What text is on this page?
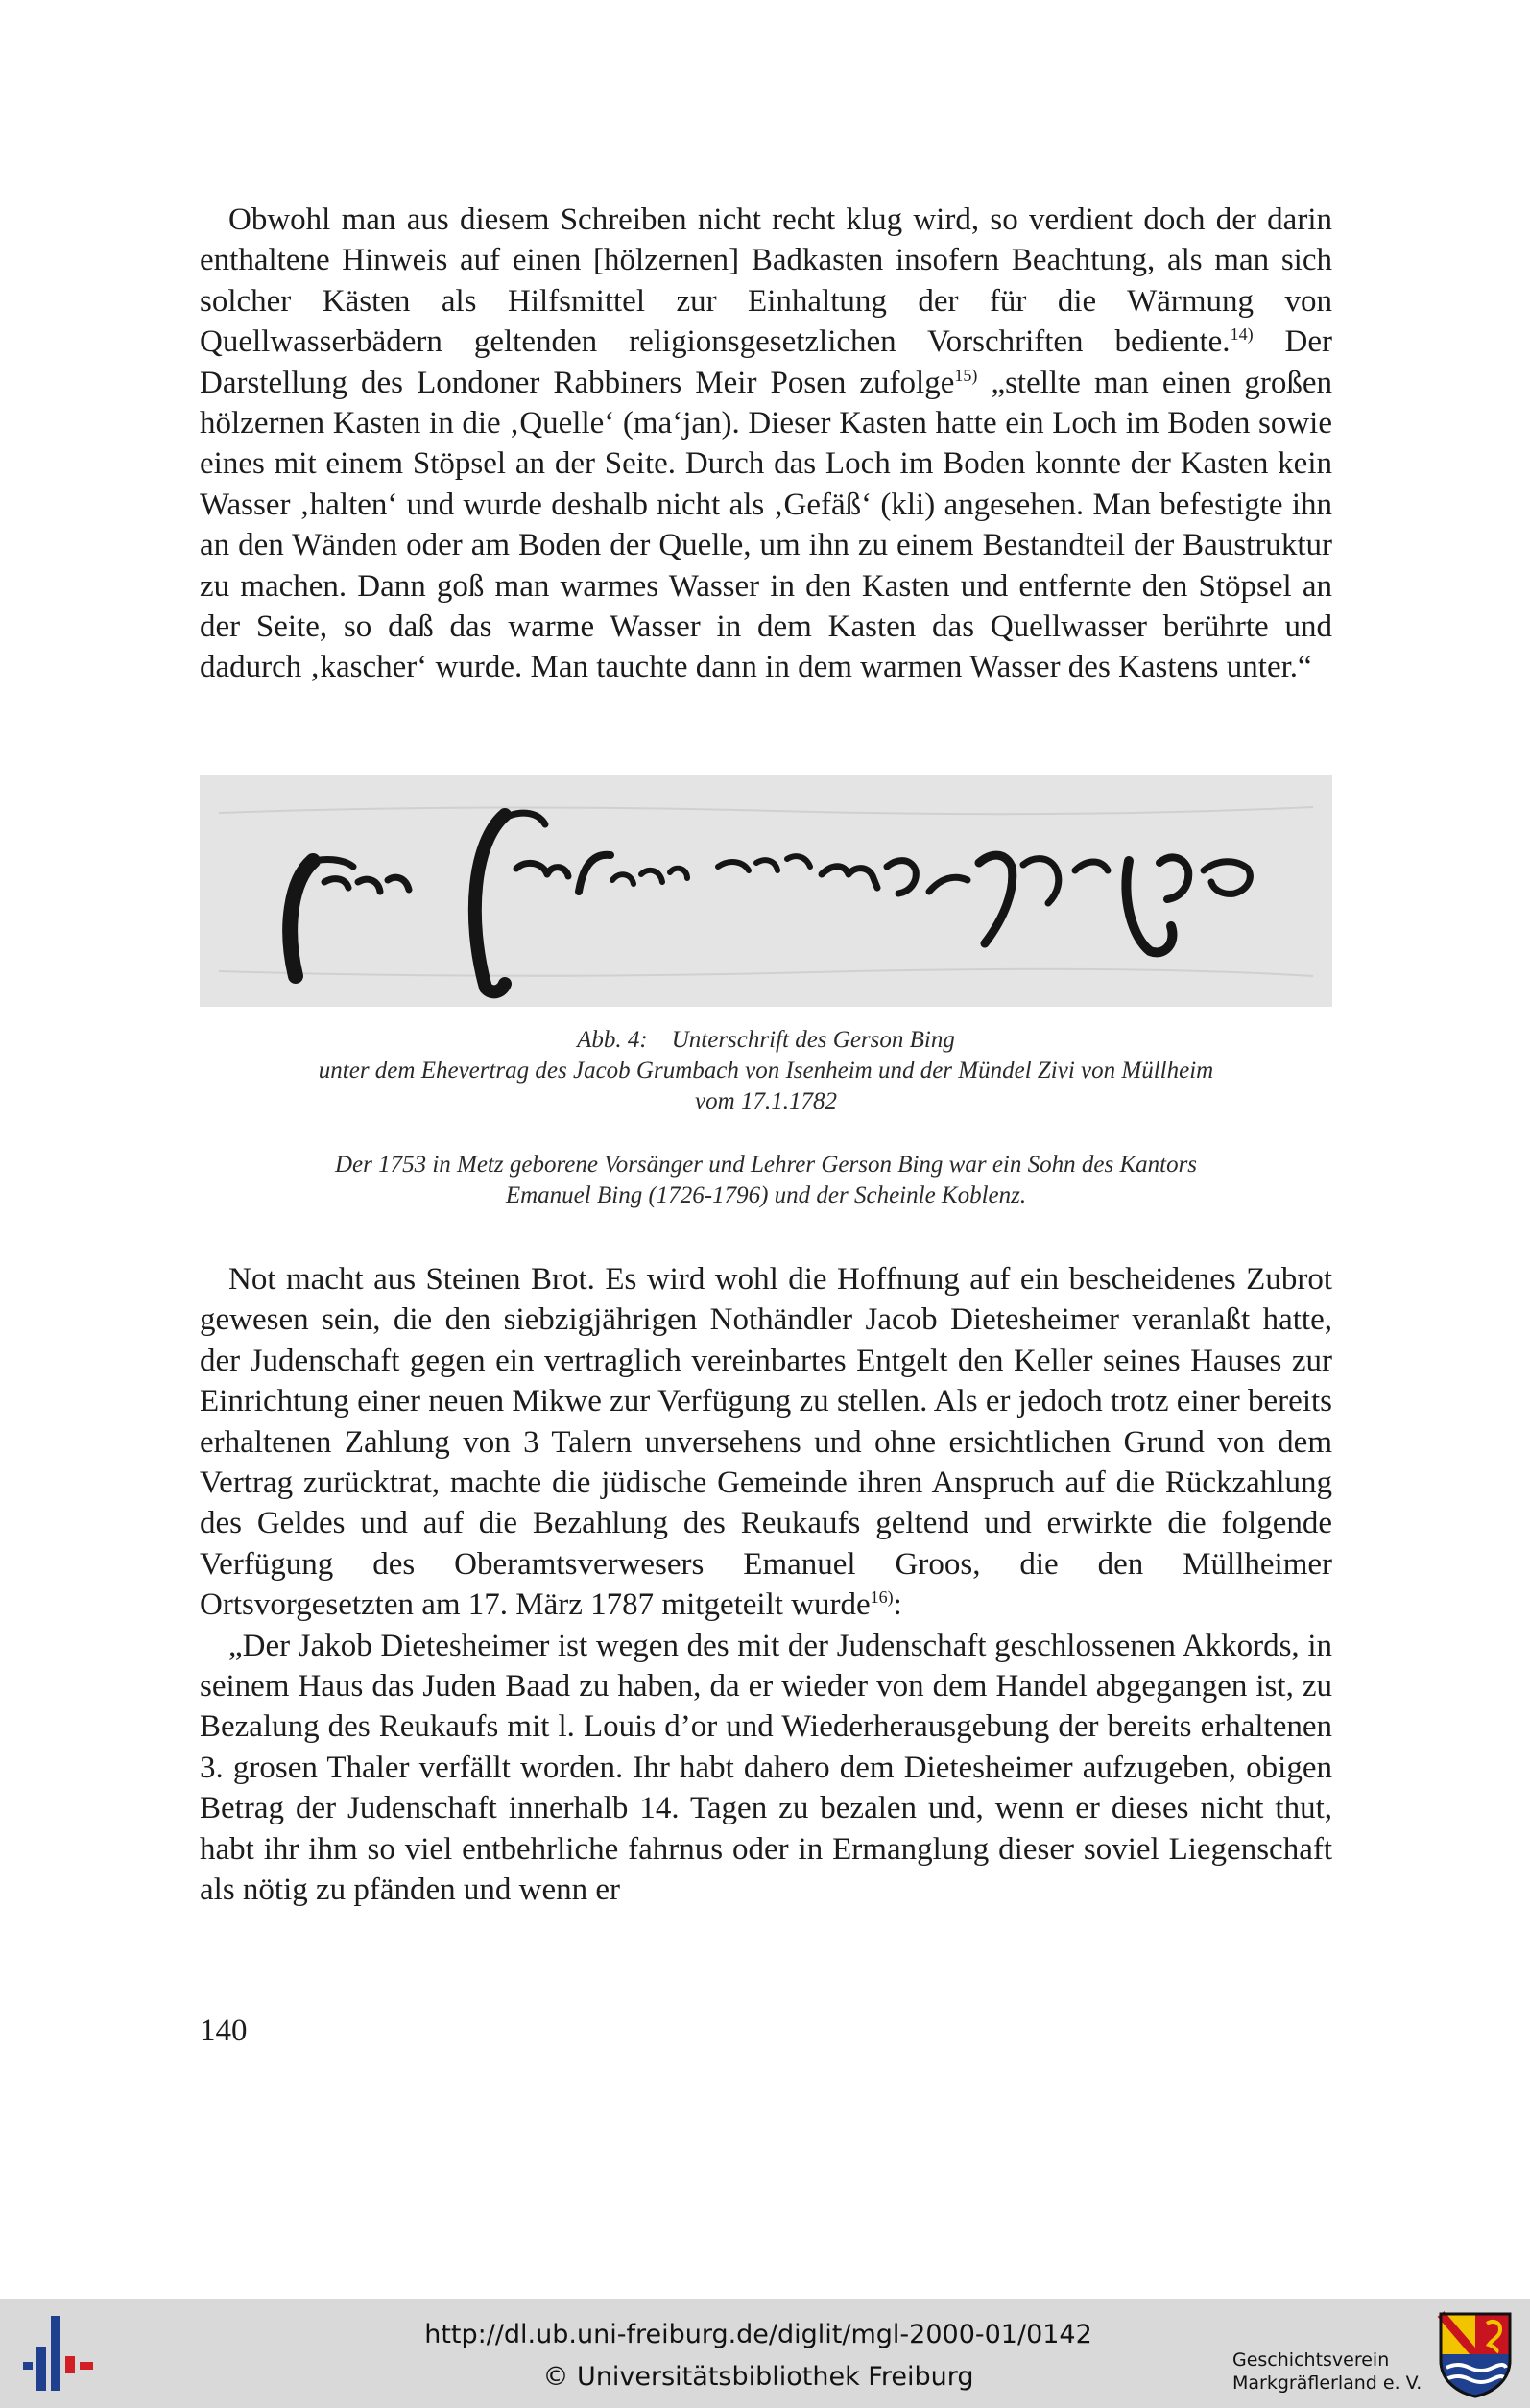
Obwohl man aus diesem Schreiben nicht recht klug wird, so verdient doch der darin enthaltene Hinweis auf einen [hölzernen] Badkasten insofern Beachtung, als man sich solcher Kästen als Hilfsmittel zur Einhaltung der für die Wärmung von Quellwasserbädern geltenden religionsgesetzlichen Vorschriften bediente.$^{14)}$ Der Darstellung des Londoner Rabbiners Meir Posen zufolge$^{15)}$ „stellte man einen großen hölzernen Kasten in die ‚Quelle‘ (ma‘jan). Dieser Kasten hatte ein Loch im Boden sowie eines mit einem Stöpsel an der Seite. Durch das Loch im Boden konnte der Kasten kein Wasser ‚halten‘ und wurde deshalb nicht als ‚Gefäß‘ (kli) angesehen. Man befestigte ihn an den Wänden oder am Boden der Quelle, um ihn zu einem Bestandteil der Baustruktur zu machen. Dann goß man warmes Wasser in den Kasten und entfernte den Stöpsel an der Seite, so daß das warme Wasser in dem Kasten das Quellwasser berührte und dadurch ‚kascher‘ wurde. Man tauchte dann in dem warmen Wasser des Kastens unter.“

Abb. 4:    Unterschrift des Gerson Bing
unter dem Ehevertrag des Jacob Grumbach von Isenheim und der Mündel Zivi von Müllheim
vom 17.1.1782
Der 1753 in Metz geborene Vorsänger und Lehrer Gerson Bing war ein Sohn des Kantors
Emanuel Bing (1726-1796) und der Scheinle Koblenz.

Not macht aus Steinen Brot. Es wird wohl die Hoffnung auf ein bescheidenes Zubrot gewesen sein, die den siebzigjährigen Nothändler Jacob Dietesheimer veranlaßt hatte, der Judenschaft gegen ein vertraglich vereinbartes Entgelt den Keller seines Hauses zur Einrichtung einer neuen Mikwe zur Verfügung zu stellen. Als er jedoch trotz einer bereits erhaltenen Zahlung von 3 Talern unversehens und ohne ersichtlichen Grund von dem Vertrag zurücktrat, machte die jüdische Gemeinde ihren Anspruch auf die Rückzahlung des Geldes und auf die Bezahlung des Reukaufs geltend und erwirkte die folgende Verfügung des Oberamtsverwesers Emanuel Groos, die den Müllheimer Ortsvorgesetzten am 17. März 1787 mitgeteilt wurde$^{16)}$:

„Der Jakob Dietesheimer ist wegen des mit der Judenschaft geschlossenen Akkords, in seinem Haus das Juden Baad zu haben, da er wieder von dem Handel abgegangen ist, zu Bezalung des Reukaufs mit l. Louis d’or und Wiederherausgebung der bereits erhaltenen 3. grosen Thaler verfällt worden. Ihr habt dahero dem Dietesheimer aufzugeben, obigen Betrag der Judenschaft innerhalb 14. Tagen zu bezalen und, wenn er dieses nicht thut, habt ihr ihm so viel entbehrliche fahrnus oder in Ermanglung dieser soviel Liegenschaft als nötig zu pfänden und wenn er

140
http://dl.ub.uni-freiburg.de/diglit/mgl-2000-01/0142
© Universitätsbibliothek Freiburg
Geschichtsverein
Markgräflerland e. V.
